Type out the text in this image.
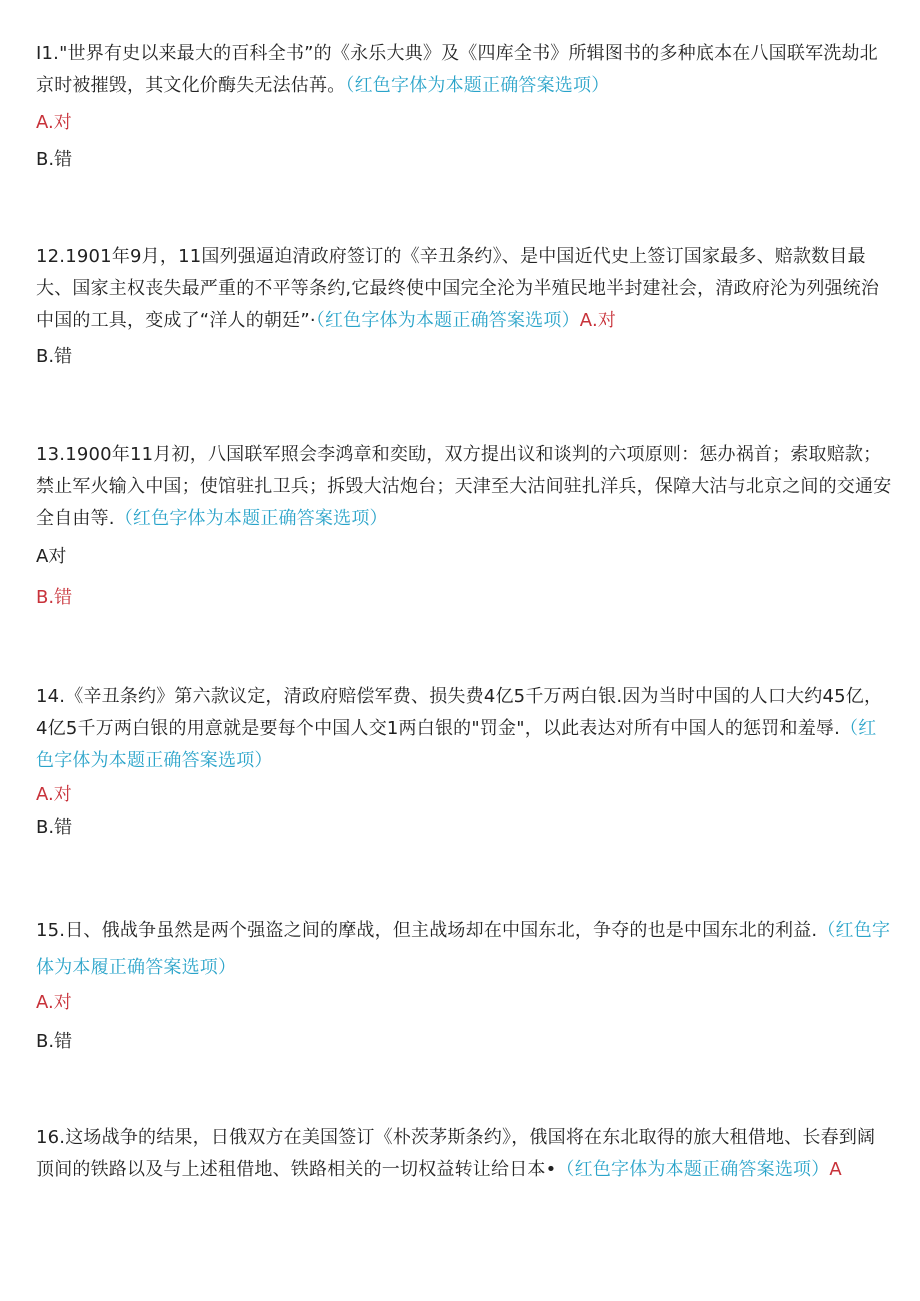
I1."世界有史以来最大的百科全书”的《永乐大典》及《四库全书》所辑图书的多种底本在八国联军洗劫北京时被摧毁，其文化价酶失无法估苒。（红色字体为本题正确答案选项）

A.对

B.错

12.1901年9月，11国列强逼迫清政府签订的《辛丑条约》、是中国近代史上签订国家最多、赔款数目最大、国家主权丧失最严重的不平等条约,它最终使中国完全沦为半殖民地半封建社会，清政府沦为列强统治中国的工具，变成了“洋人的朝廷”·（红色字体为本题正确答案选项）A.对

B.错

13.1900年11月初，八国联军照会李鸿章和奕劻，双方提出议和谈判的六项原则：惩办祸首；索取赔款；禁止军火输入中国；使馆驻扎卫兵；拆毁大沽炮台；天津至大沽间驻扎洋兵，保障大沽与北京之间的交通安全自由等.（红色字体为本题正确答案选项）

A对

B.错

14.《辛丑条约》第六款议定，清政府赔偿军费、损失费4亿5千万两白银.因为当时中国的人口大约45亿，4亿5千万两白银的用意就是要每个中国人交1两白银的"罚金"，以此表达对所有中国人的惩罚和羞辱.（红色字体为本题正确答案选项）

A.对

B.错

15.日、俄战争虽然是两个强盗之间的摩战，但主战场却在中国东北，争夺的也是中国东北的利益.（红色字体为本履正确答案选项）

A.对

B.错

16.这场战争的结果，日俄双方在美国签订《朴茨茅斯条约》，俄国将在东北取得的旅大租借地、长春到阔顶间的铁路以及与上述租借地、铁路相关的一切权益转让给日本•（红色字体为本题正确答案选项）A
